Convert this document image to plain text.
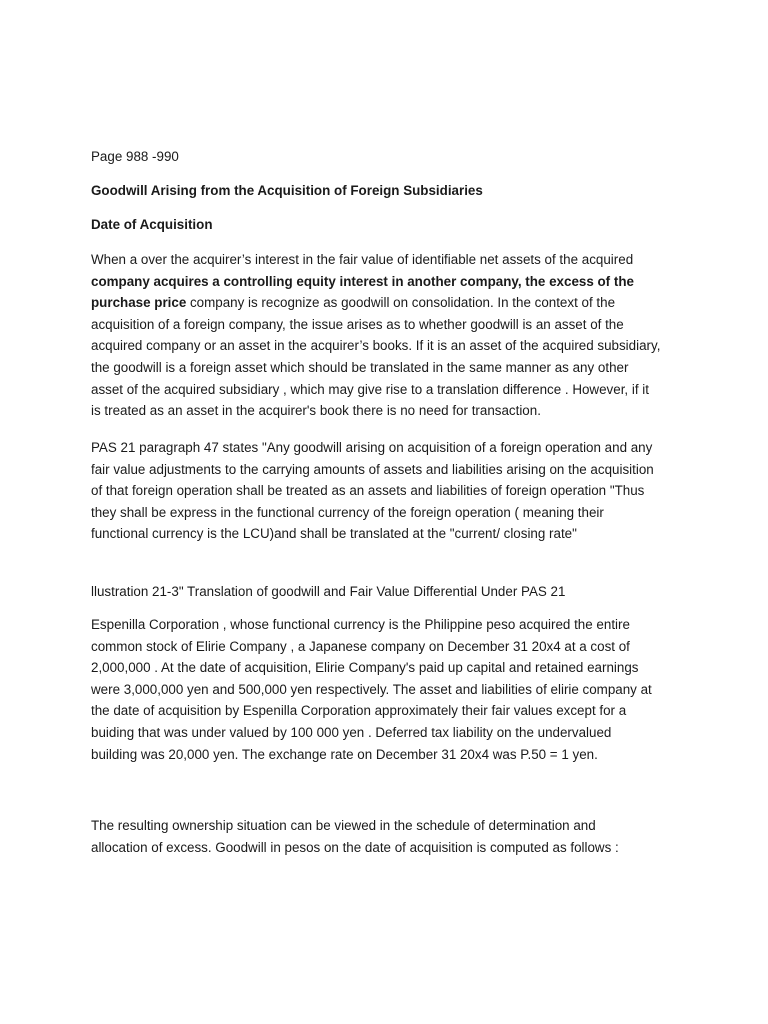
Page 988 -990

Goodwill Arising from the Acquisition of Foreign Subsidiaries

Date of Acquisition

When a over the acquirer’s interest in the fair value of identifiable net assets of the acquired
company acquires a controlling equity interest in another company, the excess of the
purchase price company is recognize as goodwill on consolidation. In the context of the
acquisition of a foreign company, the issue arises as to whether goodwill is an asset of the
acquired company or an asset in the acquirer’s books. If it is an asset of the acquired subsidiary,
the goodwill is a foreign asset which should be translated in the same manner as any other
asset of the acquired subsidiary , which may give rise to a translation difference . However, if it
is treated as an asset in the acquirer's book there is no need for transaction.
PAS 21 paragraph 47 states "Any goodwill arising on acquisition of a foreign operation and any
fair value adjustments to the carrying amounts of assets and liabilities arising on the acquisition
of that foreign operation shall be treated as an assets and liabilities of foreign operation "Thus
they shall be express in the functional currency of the foreign operation ( meaning their
functional currency is the LCU)and shall be translated at the "current/ closing rate"

llustration 21-3" Translation of goodwill and Fair Value Differential Under PAS 21

Espenilla Corporation , whose functional currency is the Philippine peso acquired the entire
common stock of Elirie Company , a Japanese company on December 31 20x4 at a cost of
2,000,000 . At the date of acquisition, Elirie Company's paid up capital and retained earnings
were 3,000,000 yen and 500,000 yen respectively. The asset and liabilities of elirie company at
the date of acquisition by Espenilla Corporation approximately their fair values except for a
buiding that was under valued by 100 000 yen . Deferred tax liability on the undervalued
building was 20,000 yen. The exchange rate on December 31 20x4 was P.50 = 1 yen.
The resulting ownership situation can be viewed in the schedule of determination and
allocation of excess. Goodwill in pesos on the date of acquisition is computed as follows :
